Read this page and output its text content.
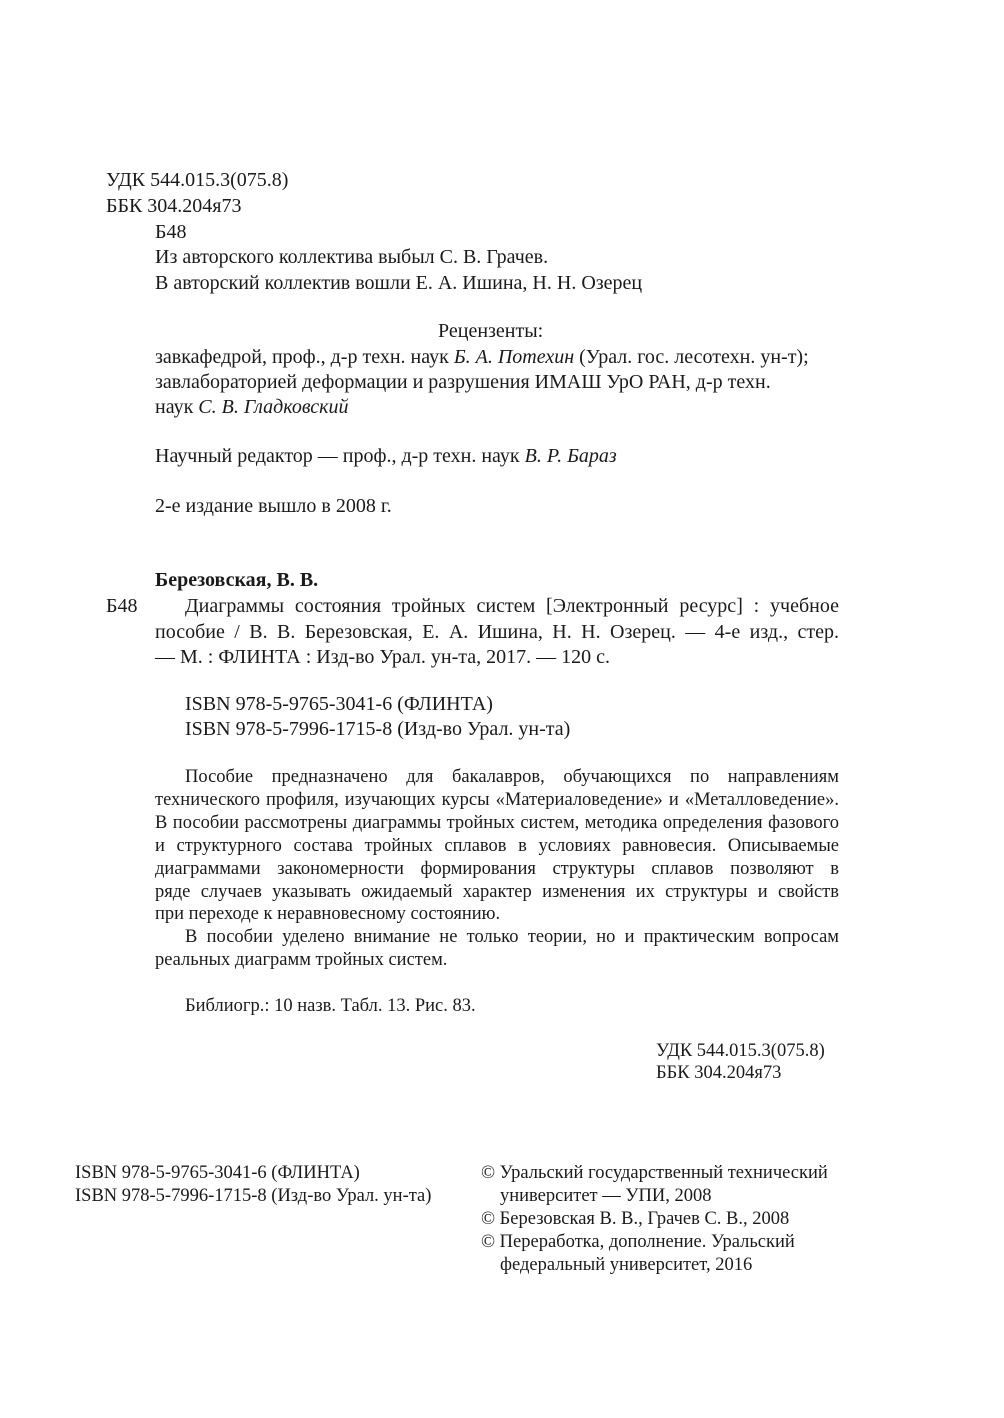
УДК 544.015.3(075.8)

ББК 304.204я73

Б48

Из авторского коллектива выбыл С. В. Грачев.

В авторский коллектив вошли Е. А. Ишина, Н. Н. Озерец

Рецензенты:

завкафедрой, проф., д-р техн. наук Б. А. Потехин (Урал. гос. лесотехн. ун-т);

завлабораторией деформации и разрушения ИМАШ УрО РАН, д-р техн.

наук С. В. Гладковский

Научный редактор — проф., д-р техн. наук В. Р. Бараз

2-е издание вышло в 2008 г.

Березовская, В. В.

Б48 Диаграммы состояния тройных систем [Электронный ресурс] : учебное

пособие / В. В. Березовская, Е. А. Ишина, Н. Н. Озерец. — 4-е изд., стер.

— М. : ФЛИНТА : Изд-во Урал. ун-та, 2017. — 120 с.

ISBN 978-5-9765-3041-6 (ФЛИНТА)

ISBN 978-5-7996-1715-8 (Изд-во Урал. ун-та)

Пособие предназначено для бакалавров, обучающихся по направлениям

технического профиля, изучающих курсы «Материаловедение» и «Металловедение».

В пособии рассмотрены диаграммы тройных систем, методика определения фазового

и структурного состава тройных сплавов в условиях равновесия. Описываемые

диаграммами закономерности формирования структуры сплавов позволяют в

ряде случаев указывать ожидаемый характер изменения их структуры и свойств

при переходе к неравновесному состоянию.

В пособии уделено внимание не только теории, но и практическим вопросам

реальных диаграмм тройных систем.

Библиогр.: 10 назв. Табл. 13. Рис. 83.

УДК 544.015.3(075.8)

ББК 304.204я73

ISBN 978-5-9765-3041-6 (ФЛИНТА)

ISBN 978-5-7996-1715-8 (Изд-во Урал. ун-та)

© Уральский государственный технический

университет — УПИ, 2008

© Березовская В. В., Грачев С. В., 2008

© Переработка, дополнение. Уральский

федеральный университет, 2016
